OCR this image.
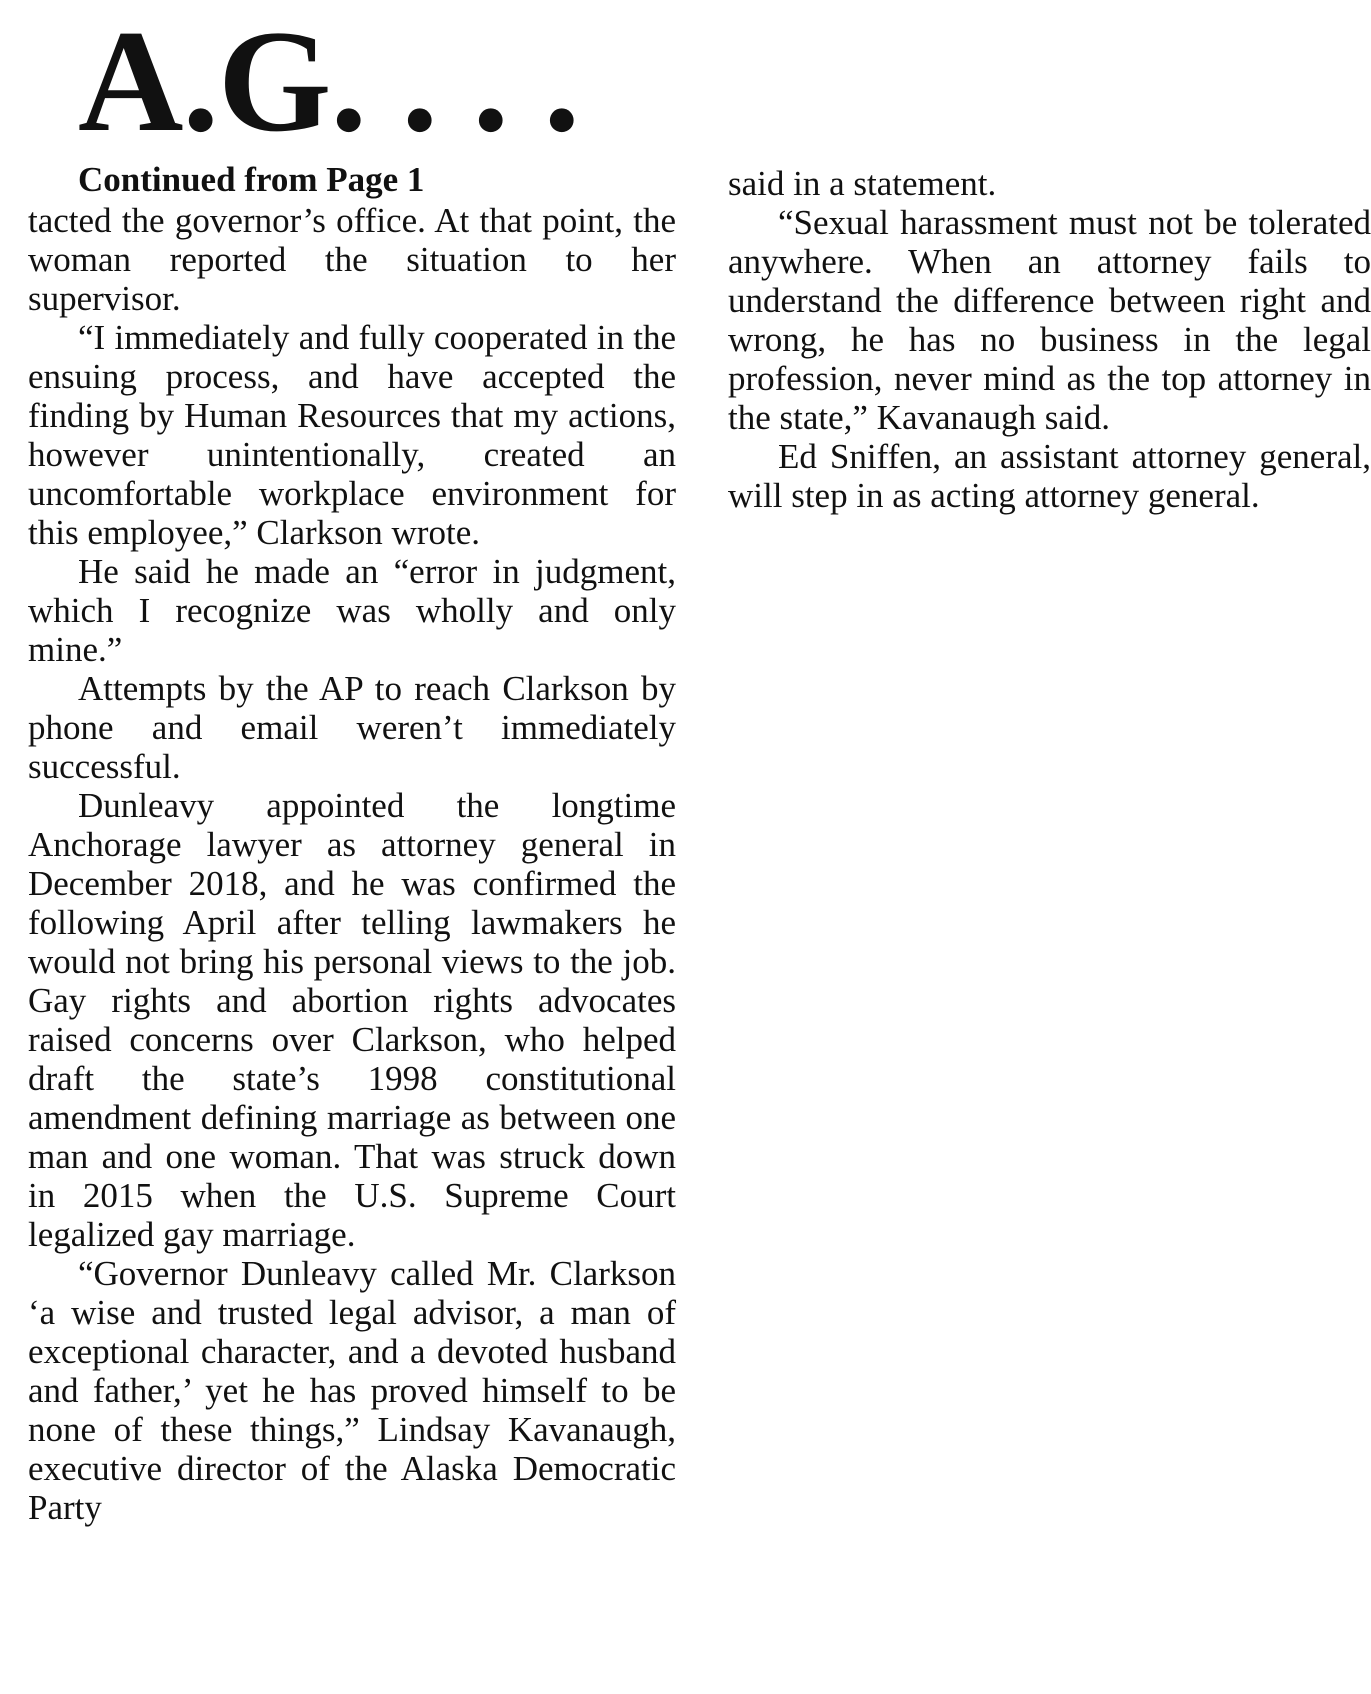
A.G. . . .
Continued from Page 1

tacted the governor’s office. At that point, the woman reported the situation to her supervisor.

“I immediately and fully cooperated in the ensuing process, and have accepted the finding by Human Resources that my actions, however unintentionally, created an uncomfortable workplace environment for this employee,” Clarkson wrote.

He said he made an “error in judgment, which I recognize was wholly and only mine.”

Attempts by the AP to reach Clarkson by phone and email weren’t immediately successful.

Dunleavy appointed the longtime Anchorage lawyer as attorney general in December 2018, and he was confirmed the following April after telling lawmakers he would not bring his personal views to the job. Gay rights and abortion rights advocates raised concerns over Clarkson, who helped draft the state’s 1998 constitutional amendment defining marriage as between one man and one woman. That was struck down in 2015 when the U.S. Supreme Court legalized gay marriage.

“Governor Dunleavy called Mr. Clarkson ‘a wise and trusted legal advisor, a man of exceptional character, and a devoted husband and father,’ yet he has proved himself to be none of these things,” Lindsay Kavanaugh, executive director of the Alaska Democratic Party

said in a statement.

“Sexual harassment must not be tolerated anywhere. When an attorney fails to understand the difference between right and wrong, he has no business in the legal profession, never mind as the top attorney in the state,” Kavanaugh said.

Ed Sniffen, an assistant attorney general, will step in as acting attorney general.
